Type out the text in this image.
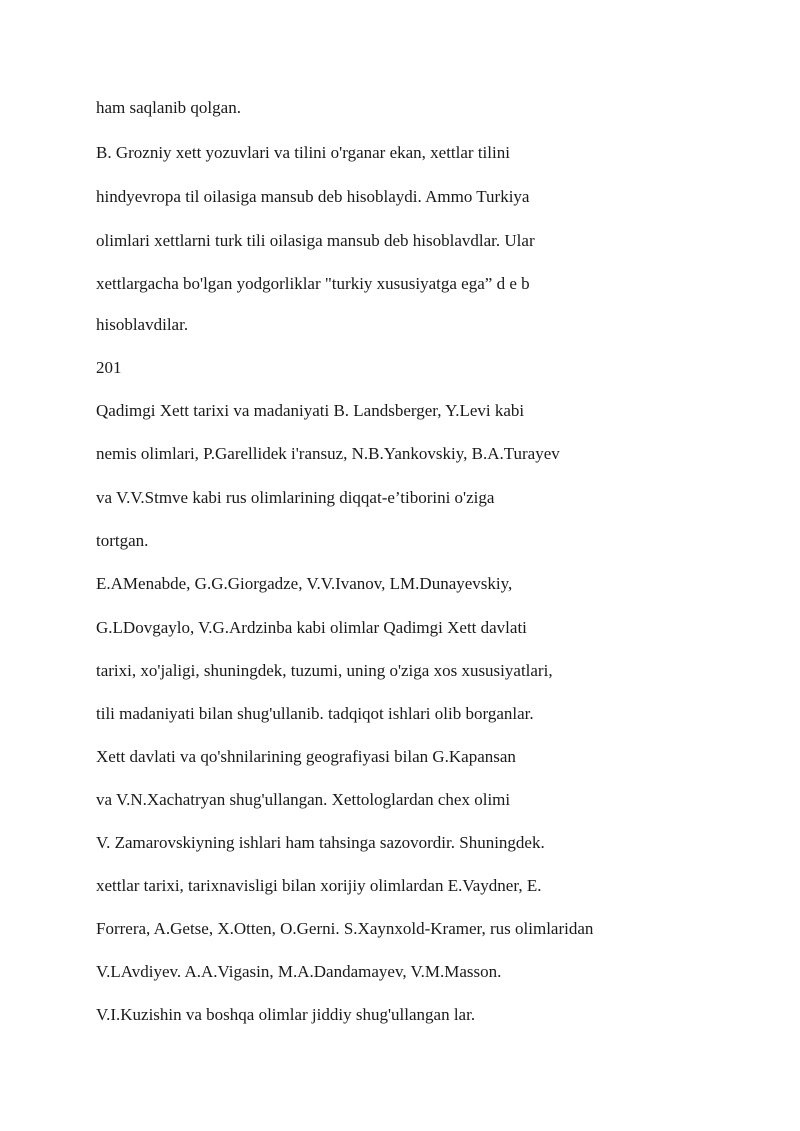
ham saqlanib qolgan.

B. Grozniy xett yozuvlari va tilini o'rganar ekan, xettlar tilini

hindyevropa til oilasiga mansub deb hisoblaydi. Ammo Turkiya

olimlari xettlarni turk tili oilasiga mansub deb hisoblavdlar. Ular

xettlargacha bo'lgan yodgorliklar "turkiy xususiyatga ega” d e b

hisoblavdilar.

201

Qadimgi Xett tarixi va madaniyati B. Landsberger, Y.Levi kabi

nemis olimlari, P.Garellidek i'ransuz, N.B.Yankovskiy, B.A.Turayev

va V.V.Stmve kabi rus olimlarining diqqat-e’tiborini o'ziga

tortgan.

E.AMenabde, G.G.Giorgadze, V.V.Ivanov, LM.Dunayevskiy,

G.LDovgaylo, V.G.Ardzinba kabi olimlar Qadimgi Xett davlati

tarixi, xo'jaligi, shuningdek, tuzumi, uning o'ziga xos xususiyatlari,

tili madaniyati bilan shug'ullanib. tadqiqot ishlari olib borganlar.

Xett davlati va qo'shnilarining geografiyasi bilan G.Kapansan

va V.N.Xachatryan shug'ullangan. Xettologlardan chex olimi

V. Zamarovskiyning ishlari ham tahsinga sazovordir. Shuningdek.

xettlar tarixi, tarixnavisligi bilan xorijiy olimlardan E.Vaydner, E.

Forrera, A.Getse, X.Otten, O.Gerni. S.Xaynxold-Kramer, rus olimlaridan

V.LAvdiyev. A.A.Vigasin, M.A.Dandamayev, V.M.Masson.

V.I.Kuzishin va boshqa olimlar jiddiy shug'ullangan lar.
